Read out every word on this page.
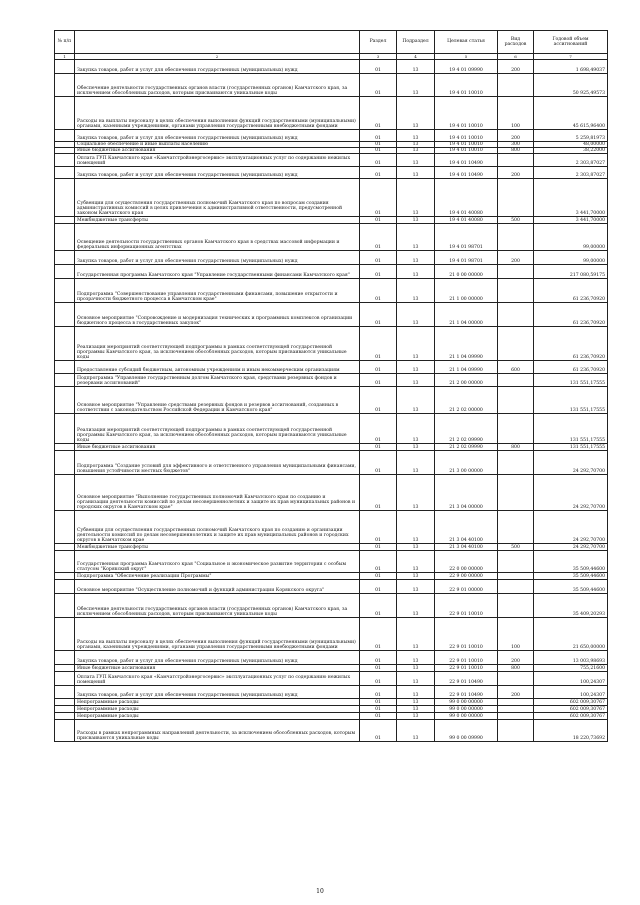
№ п/п		Раздел	Подраздел	Целевая статья	Вид расходов	Годовой объем ассигнований
1	2	3	4	5	6	7
	Закупка товаров, работ и услуг для обеспечения государственных (муниципальных) нужд	01	13	19 4 01 09990	200	1 698,49037
	Обеспечение деятельности государственных органов власти (государственных органов) Камчатского края, за исключением обособленных расходов, которым присваиваются уникальные коды	01	13	19 4 01 10010		50 925,49573
	Расходы на выплаты персоналу в целях обеспечения выполнения функций государственными (муниципальными) органами, казенными учреждениями, органами управления государственными внебюджетными фондами	01	13	19 4 01 10010	100	45 615,96400
	Закупка товаров, работ и услуг для обеспечения государственных (муниципальных) нужд	01	13	19 4 01 10010	200	5 259,81973
	Социальное обеспечение и иные выплаты населению	01	13	19 4 01 10010	300	48,00000
	Иные бюджетные ассигнования	01	13	19 4 01 10010	800	38,22000
	Оплата ГУП Камчатского края «Камчатстройэнергосервис» эксплуатационных услуг по содержанию нежилых помещений	01	13	19 4 01 10490		2 303,87027
	Закупка товаров, работ и услуг для обеспечения государственных (муниципальных) нужд	01	13	19 4 01 10490	200	2 303,87027
	Субвенции для осуществления государственных полномочий Камчатского края по вопросам создания административных комиссий в целях привлечения к административной ответственности, предусмотренной законом Камчатского края	01	13	19 4 01 40080		3 441,70000
	Межбюджетные трансферты	01	13	19 4 01 40080	500	3 441,70000
	Освещение деятельности государственных органов Камчатского края в средствах массовой информации и федеральных информационных агентствах	01	13	19 4 01 98701		99,00000
	Закупка товаров, работ и услуг для обеспечения государственных (муниципальных) нужд	01	13	19 4 01 98701	200	99,00000
	Государственная программа Камчатского края "Управление государственными финансами Камчатского края"	01	13	21 0 00 00000		217 080,59175
	Подпрограмма "Совершенствование управления государственными финансами, повышение открытости и прозрачности бюджетного процесса в Камчатском крае"	01	13	21 1 00 00000		61 236,70920
	Основное мероприятие "Сопровождение и модернизация технических и программных комплексов организации бюджетного процесса в государственных закупок"	01	13	21 1 04 00000		61 236,70920
	Реализация мероприятий соответствующей подпрограммы в рамках соответствующей государственной программы Камчатского края, за исключением обособленных расходов, которым присваиваются уникальные коды	01	13	21 1 04 09990		61 236,70920
	Предоставление субсидий бюджетным, автономным учреждениям и иным некоммерческим организациям	01	13	21 1 04 09990	600	61 236,70920
	Подпрограмма "Управление государственным долгом Камчатского края, средствами резервных фондов и резервами ассигнований"	01	13	21 2 00 00000		131 551,17555
	Основное мероприятие "Управление средствами резервных фондов и резервов ассигнований, созданных в соответствии с законодательством Российской Федерации и Камчатского края"	01	13	21 2 02 00000		131 551,17555
	Реализация мероприятий соответствующей подпрограммы в рамках соответствующей государственной программы Камчатского края, за исключением обособленных расходов, которым присваиваются уникальные коды	01	13	21 2 02 09990		131 551,17555
	Иные бюджетные ассигнования	01	13	21 2 02 09990	800	131 551,17555
	Подпрограмма "Создание условий для эффективного и ответственного управления муниципальными финансами, повышения устойчивости местных бюджетов"	01	13	21 3 00 00000		24 292,70700
	Основное мероприятие "Выполнение государственных полномочий Камчатского края по созданию и организации деятельности комиссий по делам несовершеннолетних и защите их прав муниципальных районов и городских округов в Камчатском крае"	01	13	21 3 04 00000		24 292,70700
	Субвенции для осуществления государственных полномочий Камчатского края по созданию и организации деятельности комиссий по делам несовершеннолетних и защите их прав муниципальных районов и городских округов в Камчатском крае	01	13	21 3 04 40100		24 292,70700
	Межбюджетные трансферты	01	13	21 3 04 40100	500	24 292,70700
	Государственная программа Камчатского края "Социальное и экономическое развитие территории с особым статусом "Корякский округ"	01	13	22 0 00 00000		35 509,44600
	Подпрограмма "Обеспечение реализации Программы"	01	13	22 9 00 00000		35 509,44600
	Основное мероприятие "Осуществление полномочий и функций администрации Корякского округа"	01	13	22 9 01 00000		35 509,44600
	Обеспечение деятельности государственных органов власти (государственных органов) Камчатского края, за исключением обособленных расходов, которым присваиваются уникальные коды	01	13	22 9 01 10010		35 409,20293
	Расходы на выплаты персоналу в целях обеспечения выполнения функций государственными (муниципальными) органами, казенными учреждениями, органами управления государственными внебюджетными фондами	01	13	22 9 01 10010	100	21 650,00000
	Закупка товаров, работ и услуг для обеспечения государственных (муниципальных) нужд	01	13	22 9 01 10010	200	13 003,98693
	Иные бюджетные ассигнования	01	13	22 9 01 10010	800	755,21600
	Оплата ГУП Камчатского края «Камчатстройэнергосервис» эксплуатационных услуг по содержанию нежилых помещений	01	13	22 9 01 10490		100,24307
	Закупка товаров, работ и услуг для обеспечения государственных (муниципальных) нужд	01	13	22 9 01 10490	200	100,24307
	Непрограммные расходы	01	13	99 0 00 00000		602 009,30767
	Непрограммные расходы	01	13	99 0 00 00000		602 009,30767
	Непрограммные расходы	01	13	99 0 00 00000		602 009,30767
	Расходы в рамках непрограммных направлений деятельности, за исключением обособленных расходов, которым присваиваются уникальные коды	01	13	99 0 00 09990		18 220,73692
10
